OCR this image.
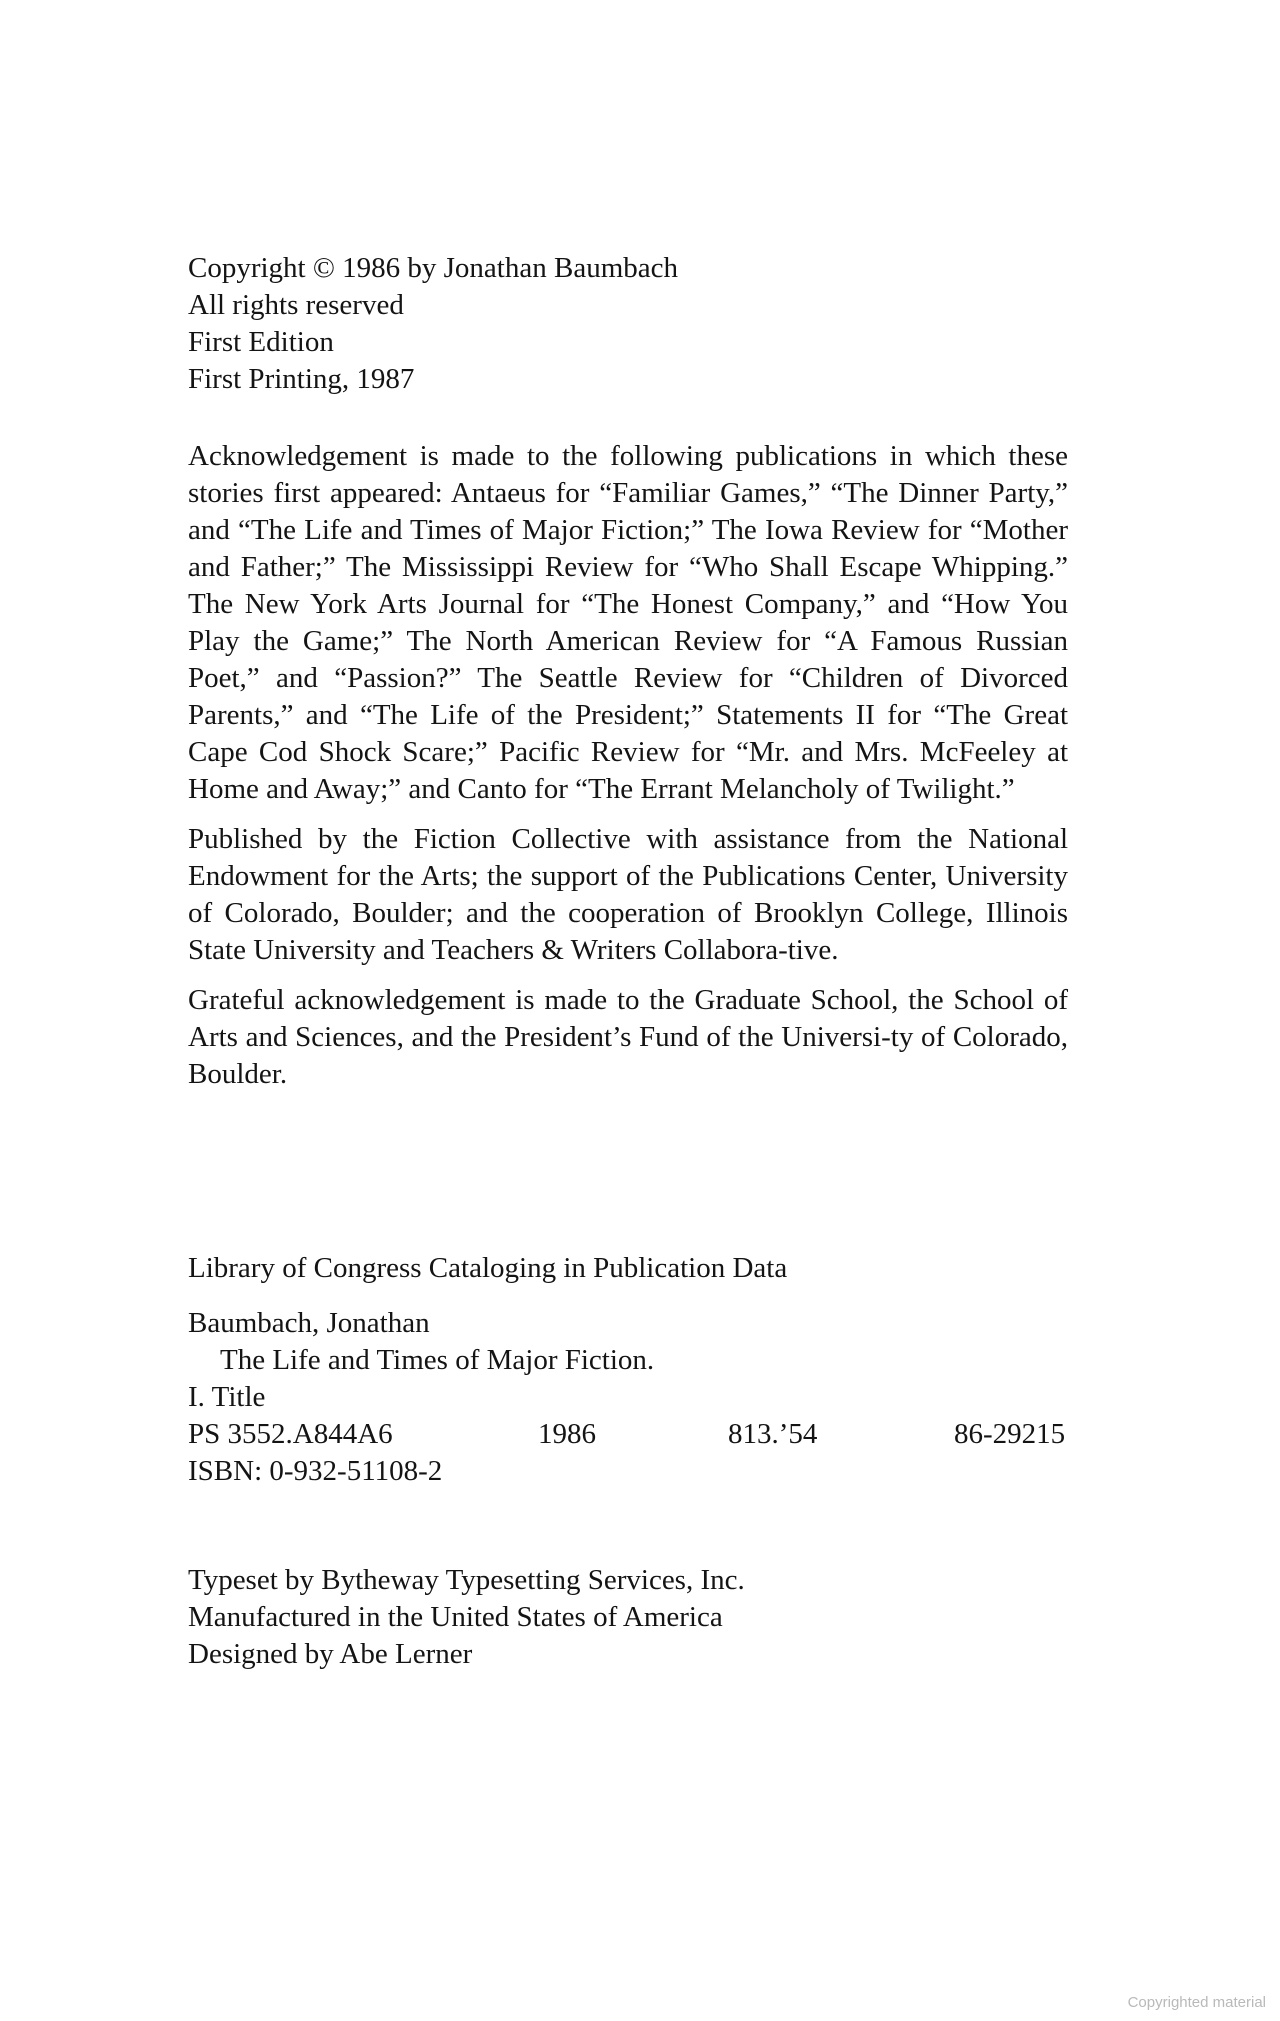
Copyright © 1986 by Jonathan Baumbach
All rights reserved
First Edition
First Printing, 1987
Acknowledgement is made to the following publications in which these stories first appeared: Antaeus for “Familiar Games,” “The Dinner Party,” and “The Life and Times of Major Fiction;” The Iowa Review for “Mother and Father;” The Mississippi Review for “Who Shall Escape Whipping.” The New York Arts Journal for “The Honest Company,” and “How You Play the Game;” The North American Review for “A Famous Russian Poet,” and “Passion?” The Seattle Review for “Children of Divorced Parents,” and “The Life of the President;” Statements II for “The Great Cape Cod Shock Scare;” Pacific Review for “Mr. and Mrs. McFeeley at Home and Away;” and Canto for “The Errant Melancholy of Twilight.”
Published by the Fiction Collective with assistance from the National Endowment for the Arts; the support of the Publications Center, University of Colorado, Boulder; and the cooperation of Brooklyn College, Illinois State University and Teachers & Writers Collabora-tive.
Grateful acknowledgement is made to the Graduate School, the School of Arts and Sciences, and the President’s Fund of the Universi-ty of Colorado, Boulder.
Library of Congress Cataloging in Publication Data
Baumbach, Jonathan
The Life and Times of Major Fiction.
I. Title
PS 3552.A844A6	1986	813.’54	86-29215
ISBN: 0-932-51108-2
Typeset by Bytheway Typesetting Services, Inc.
Manufactured in the United States of America
Designed by Abe Lerner
Copyrighted material
